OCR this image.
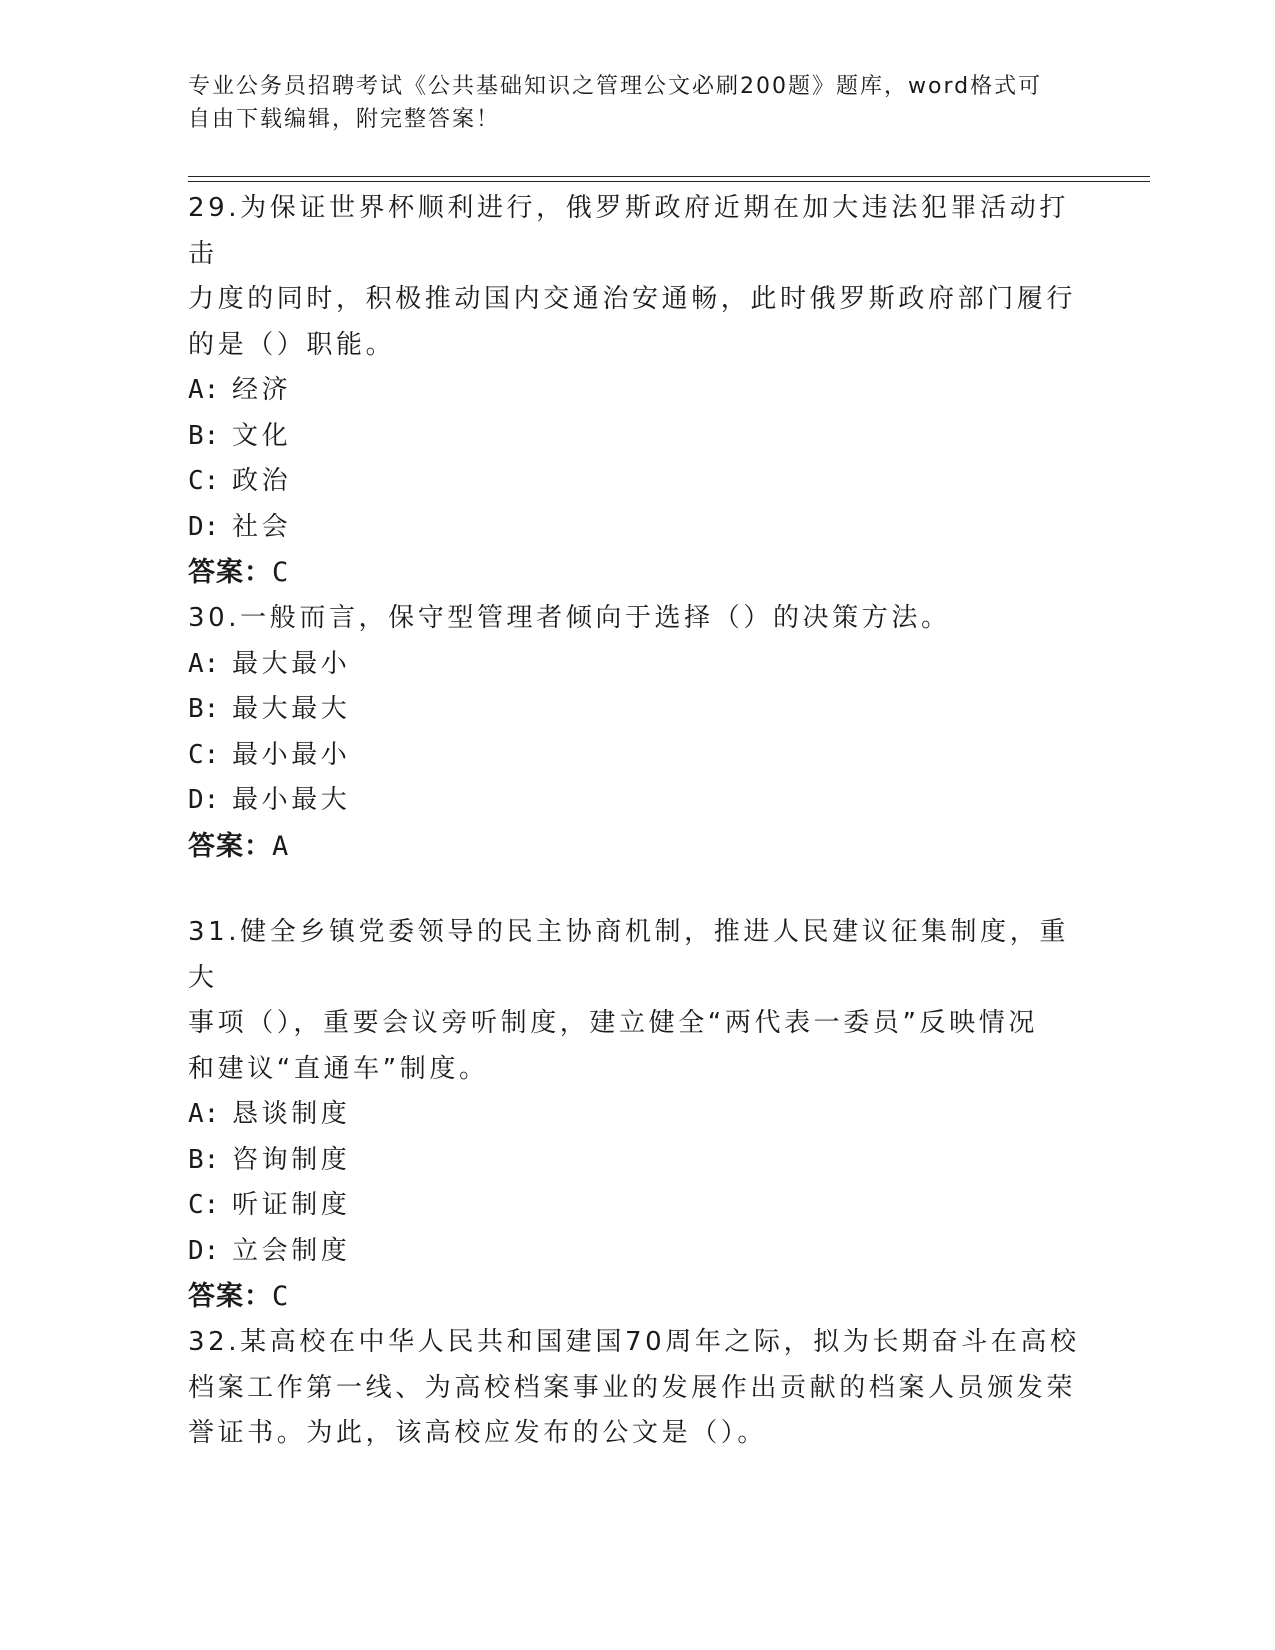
专业公务员招聘考试《公共基础知识之管理公文必刷200题》题库，word格式可
自由下载编辑，附完整答案！

29.为保证世界杯顺利进行，俄罗斯政府近期在加大违法犯罪活动打击

力度的同时，积极推动国内交通治安通畅，此时俄罗斯政府部门履行

的是（）职能。

A: 经济

B: 文化

C: 政治

D: 社会

答案：C

30.一般而言，保守型管理者倾向于选择（）的决策方法。

A: 最大最小

B: 最大最大

C: 最小最小

D: 最小最大

答案：A

31.健全乡镇党委领导的民主协商机制，推进人民建议征集制度，重大

事项（），重要会议旁听制度，建立健全“两代表一委员”反映情况

和建议“直通车”制度。

A: 恳谈制度

B: 咨询制度

C: 听证制度

D: 立会制度

答案：C

32.某高校在中华人民共和国建国70周年之际，拟为长期奋斗在高校

档案工作第一线、为高校档案事业的发展作出贡献的档案人员颁发荣

誉证书。为此，该高校应发布的公文是（）。
